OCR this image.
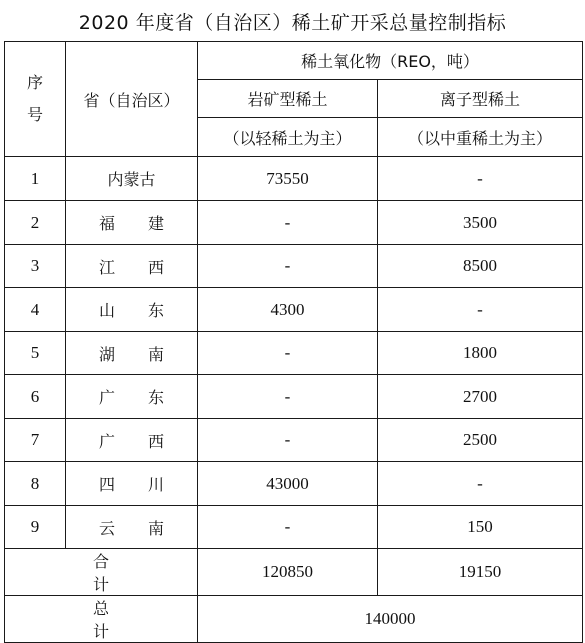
2020 年度省（自治区）稀土矿开采总量控制指标
序
号	省（自治区）	稀土氧化物（REO，吨）	
		岩矿型稀土	离子型稀土
		（以轻稀土为主）	（以中重稀土为主）
1	内蒙古	73550	-
2	福 建	-	3500
3	江 西	-	8500
4	山 东	4300	-
5	湖 南	-	1800
6	广 东	-	2700
7	广 西	-	2500
8	四 川	43000	-
9	云 南	-	150
合 计		120850	19150
总 计		140000	
